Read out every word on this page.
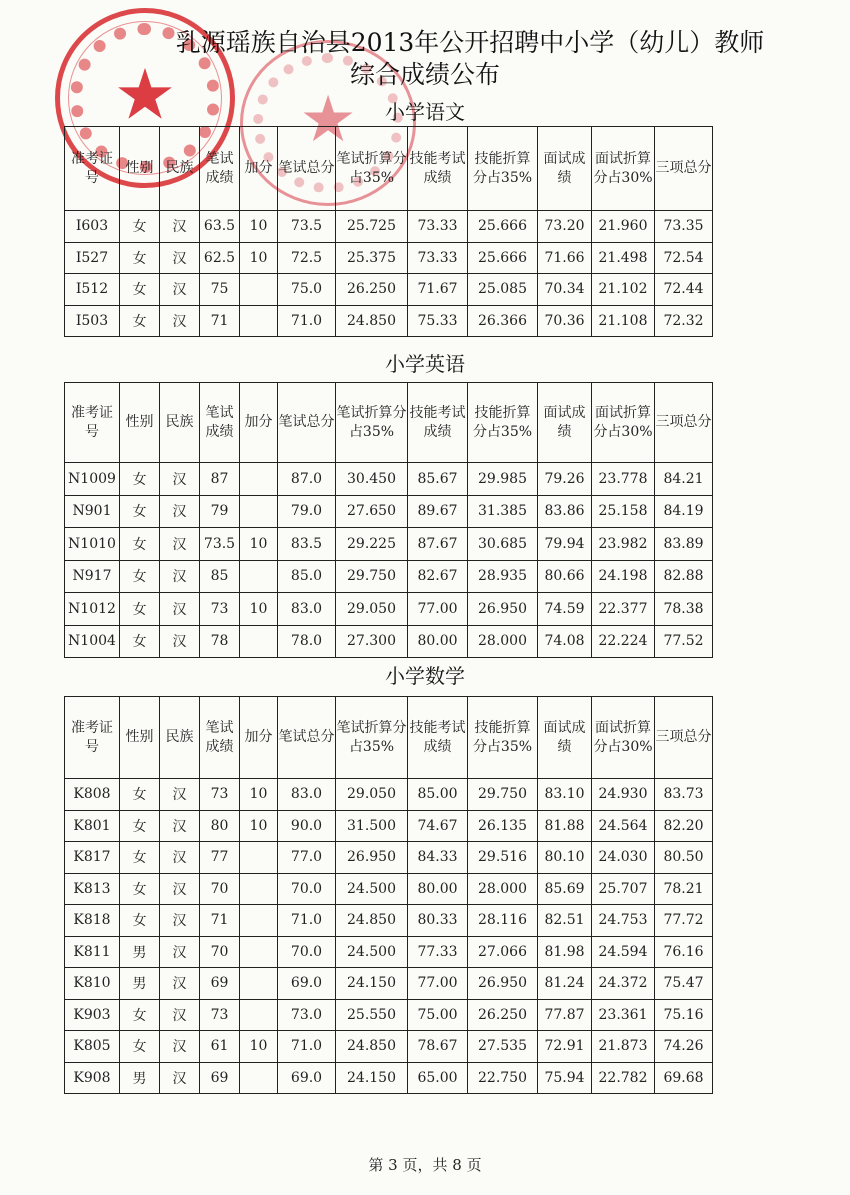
★ ★
乳源瑶族自治县2013年公开招聘中小学（幼儿）教师
综合成绩公布
小学语文
准考证号	性别	民族	笔试成绩	加分	笔试总分	笔试折算分占35%	技能考试成绩	技能折算分占35%	面试成绩	面试折算分占30%	三项总分
I603	女	汉	63.5	10	73.5	25.725	73.33	25.666	73.20	21.960	73.35
I527	女	汉	62.5	10	72.5	25.375	73.33	25.666	71.66	21.498	72.54
I512	女	汉	75		75.0	26.250	71.67	25.085	70.34	21.102	72.44
I503	女	汉	71		71.0	24.850	75.33	26.366	70.36	21.108	72.32
小学英语
准考证号	性别	民族	笔试成绩	加分	笔试总分	笔试折算分占35%	技能考试成绩	技能折算分占35%	面试成绩	面试折算分占30%	三项总分
N1009	女	汉	87		87.0	30.450	85.67	29.985	79.26	23.778	84.21
N901	女	汉	79		79.0	27.650	89.67	31.385	83.86	25.158	84.19
N1010	女	汉	73.5	10	83.5	29.225	87.67	30.685	79.94	23.982	83.89
N917	女	汉	85		85.0	29.750	82.67	28.935	80.66	24.198	82.88
N1012	女	汉	73	10	83.0	29.050	77.00	26.950	74.59	22.377	78.38
N1004	女	汉	78		78.0	27.300	80.00	28.000	74.08	22.224	77.52
小学数学
准考证号	性别	民族	笔试成绩	加分	笔试总分	笔试折算分占35%	技能考试成绩	技能折算分占35%	面试成绩	面试折算分占30%	三项总分
K808	女	汉	73	10	83.0	29.050	85.00	29.750	83.10	24.930	83.73
K801	女	汉	80	10	90.0	31.500	74.67	26.135	81.88	24.564	82.20
K817	女	汉	77		77.0	26.950	84.33	29.516	80.10	24.030	80.50
K813	女	汉	70		70.0	24.500	80.00	28.000	85.69	25.707	78.21
K818	女	汉	71		71.0	24.850	80.33	28.116	82.51	24.753	77.72
K811	男	汉	70		70.0	24.500	77.33	27.066	81.98	24.594	76.16
K810	男	汉	69		69.0	24.150	77.00	26.950	81.24	24.372	75.47
K903	女	汉	73		73.0	25.550	75.00	26.250	77.87	23.361	75.16
K805	女	汉	61	10	71.0	24.850	78.67	27.535	72.91	21.873	74.26
K908	男	汉	69		69.0	24.150	65.00	22.750	75.94	22.782	69.68
第 3 页，共 8 页
